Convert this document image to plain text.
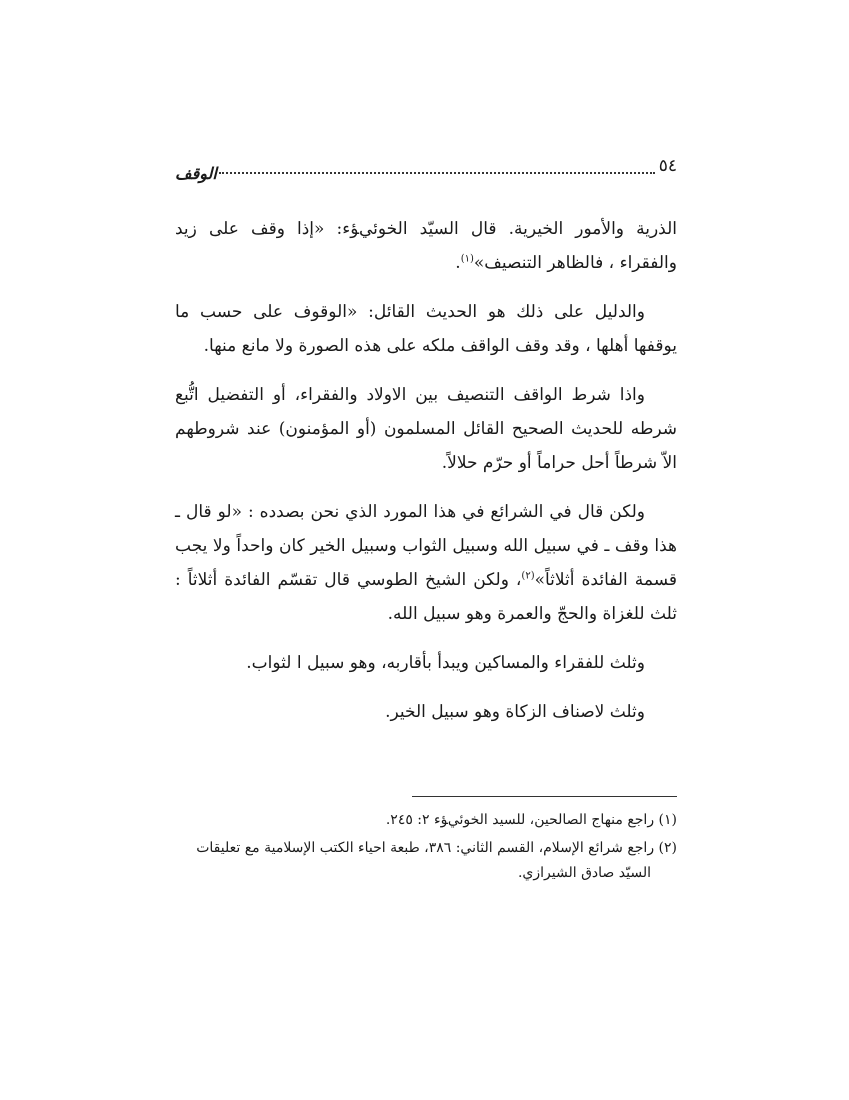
٥٤
الوقف

الذرية والأمور الخيرية. قال السيّد الخوئيﺆﺀ: «إذا وقف على زيد والفقراء ، فالظاهر التنصيف»$^{(١)}$.

والدليل على ذلك هو الحديث القائل: «الوقوف على حسب ما يوقفها أهلها ، وقد وقف الواقف ملكه على هذه الصورة ولا مانع منها.

واذا شرط الواقف التنصيف بين الاولاد والفقراء، أو التفضيل اتُّبع شرطه للحديث الصحيح القائل المسلمون (أو المؤمنون) عند شروطهم الاّ شرطاً أحل حراماً أو حرّم حلالاً.

ولكن قال في الشرائع في هذا المورد الذي نحن بصدده : «لو قال ـ هذا وقف ـ في سبيل الله وسبيل الثواب وسبيل الخير كان واحداً ولا يجب قسمة الفائدة أثلاثاً»$^{(٢)}$، ولكن الشيخ الطوسي قال تقسّم الفائدة أثلاثاً : ثلث للغزاة والحجّ والعمرة وهو سبيل الله.

وثلث للفقراء والمساكين ويبدأ بأقاربه، وهو سبيل ا لثواب.

وثلث لاصناف الزكاة وهو سبيل الخير.

(١) راجع منهاج الصالحين، للسيد الخوئيﺆﺀ ٢: ٢٤٥.

(٢) راجع شرائع الإسلام، القسم الثاني: ٣٨٦، طبعة احياء الكتب الإسلامية مع تعليقات
السيّد صادق الشيرازي.
